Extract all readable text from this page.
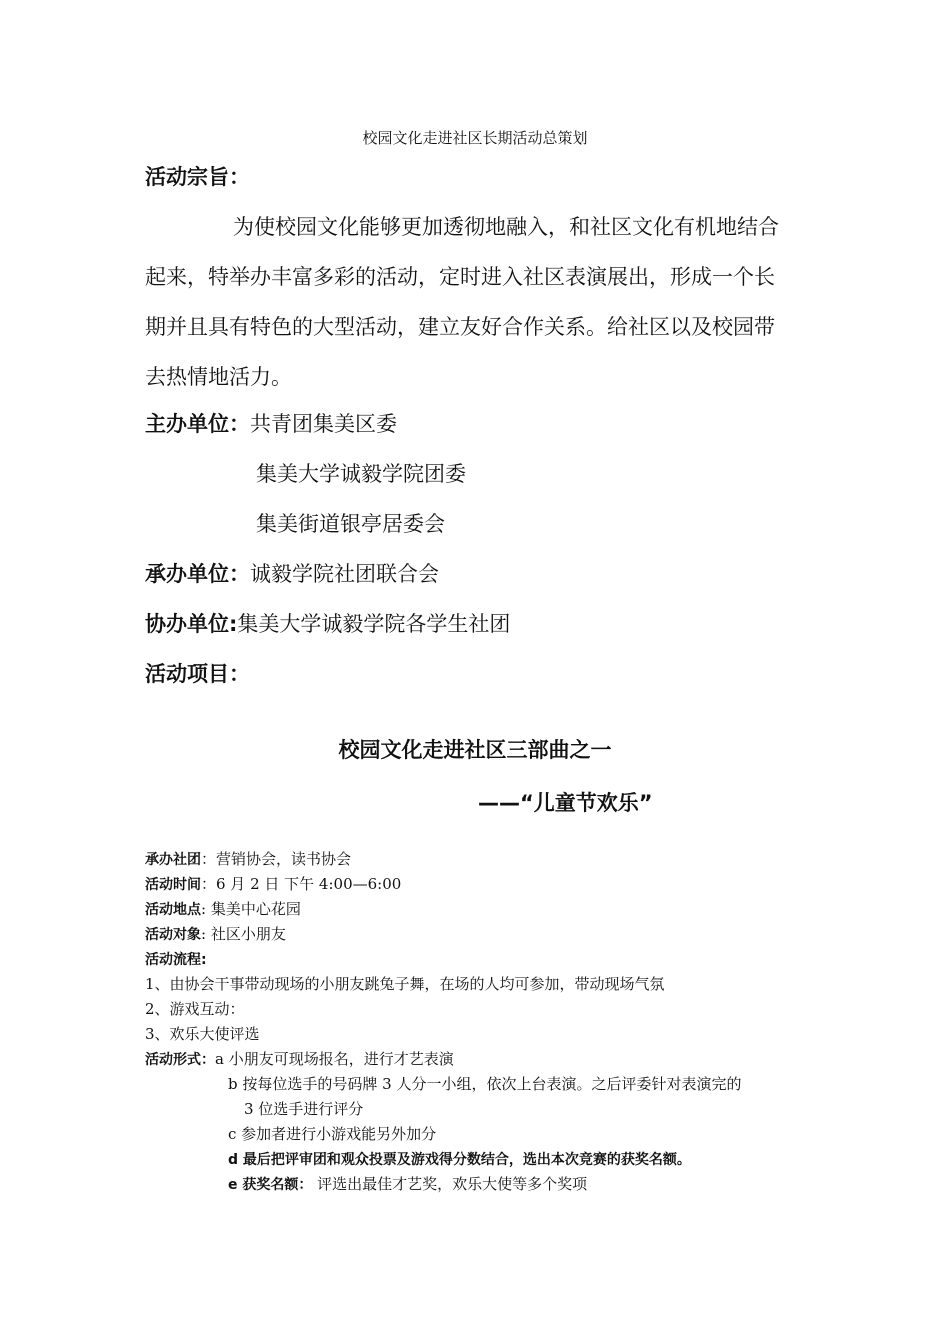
校园文化走进社区长期活动总策划
活动宗旨：
为使校园文化能够更加透彻地融入，和社区文化有机地结合起来，特举办丰富多彩的活动，定时进入社区表演展出，形成一个长期并且具有特色的大型活动，建立友好合作关系。给社区以及校园带去热情地活力。
主办单位：共青团集美区委
集美大学诚毅学院团委
集美街道银亭居委会
承办单位：诚毅学院社团联合会
协办单位:集美大学诚毅学院各学生社团
活动项目：
校园文化走进社区三部曲之一
——“儿童节欢乐”
承办社团：营销协会，读书协会
活动时间：6 月 2 日 下午 4:00—6:00
活动地点: 集美中心花园
活动对象: 社区小朋友
活动流程:
1、由协会干事带动现场的小朋友跳兔子舞，在场的人均可参加，带动现场气氛
2、游戏互动：
3、欢乐大使评选
活动形式：a 小朋友可现场报名，进行才艺表演
b 按每位选手的号码牌 3 人分一小组，依次上台表演。之后评委针对表演完的
3 位选手进行评分
c 参加者进行小游戏能另外加分
d 最后把评审团和观众投票及游戏得分数结合，选出本次竞赛的获奖名额。
e 获奖名额： 评选出最佳才艺奖，欢乐大使等多个奖项
